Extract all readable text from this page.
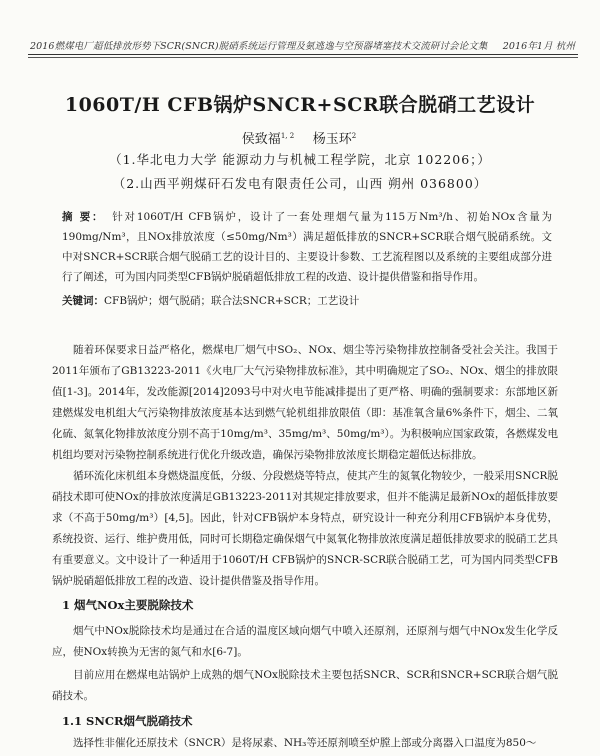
2016燃煤电厂超低排放形势下SCR(SNCR)脱硝系统运行管理及氨逃逸与空预器堵塞技术交流研讨会论文集 2016年1月 杭州
1060T/H CFB锅炉SNCR+SCR联合脱硝工艺设计
侯致福$^{1, 2}$ 杨玉环$^2$
（1.华北电力大学 能源动力与机械工程学院，北京 102206；）
（2.山西平朔煤矸石发电有限责任公司，山西 朔州 036800）
摘 要： 针对1060T/H CFB锅炉，设计了一套处理烟气量为115万Nm³/h、初始NOx含量为190mg/Nm³，且NOx排放浓度（≤50mg/Nm³）满足超低排放的SNCR+SCR联合烟气脱硝系统。文中对SNCR+SCR联合烟气脱硝工艺的设计目的、主要设计参数、工艺流程图以及系统的主要组成部分进行了阐述，可为国内同类型CFB锅炉脱硝超低排放工程的改造、设计提供借鉴和指导作用。
关键词：CFB锅炉；烟气脱硝；联合法SNCR+SCR；工艺设计
随着环保要求日益严格化，燃煤电厂烟气中SO₂、NOx、烟尘等污染物排放控制备受社会关注。我国于2011年颁布了GB13223-2011《火电厂大气污染物排放标准》，其中明确规定了SO₂、NOx、烟尘的排放限值[1-3]。2014年，发改能源[2014]2093号中对火电节能减排提出了更严格、明确的强制要求：东部地区新建燃煤发电机组大气污染物排放浓度基本达到燃气轮机组排放限值（即：基准氧含量6%条件下，烟尘、二氧化硫、氮氧化物排放浓度分别不高于10mg/m³、35mg/m³、50mg/m³）。为积极响应国家政策，各燃煤发电机组均要对污染物控制系统进行优化升级改造，确保污染物排放浓度长期稳定超低达标排放。
循环流化床机组本身燃烧温度低，分级、分段燃烧等特点，使其产生的氮氧化物较少，一般采用SNCR脱硝技术即可使NOx的排放浓度满足GB13223-2011对其规定排放要求，但并不能满足最新NOx的超低排放要求（不高于50mg/m³）[4,5]。因此，针对CFB锅炉本身特点，研究设计一种充分利用CFB锅炉本身优势，系统投资、运行、维护费用低，同时可长期稳定确保烟气中氮氧化物排放浓度满足超低排放要求的脱硝工艺具有重要意义。文中设计了一种适用于1060T/H CFB锅炉的SNCR-SCR联合脱硝工艺，可为国内同类型CFB锅炉脱硝超低排放工程的改造、设计提供借鉴及指导作用。
1 烟气NOx主要脱除技术
烟气中NOx脱除技术均是通过在合适的温度区域向烟气中喷入还原剂，还原剂与烟气中NOx发生化学反应，使NOx转换为无害的氮气和水[6-7]。
目前应用在燃煤电站锅炉上成熟的烟气NOx脱除技术主要包括SNCR、SCR和SNCR+SCR联合烟气脱硝技术。
1.1 SNCR烟气脱硝技术
选择性非催化还原技术（SNCR）是将尿素、NH₃等还原剂喷至炉膛上部或分离器入口温度为850～
